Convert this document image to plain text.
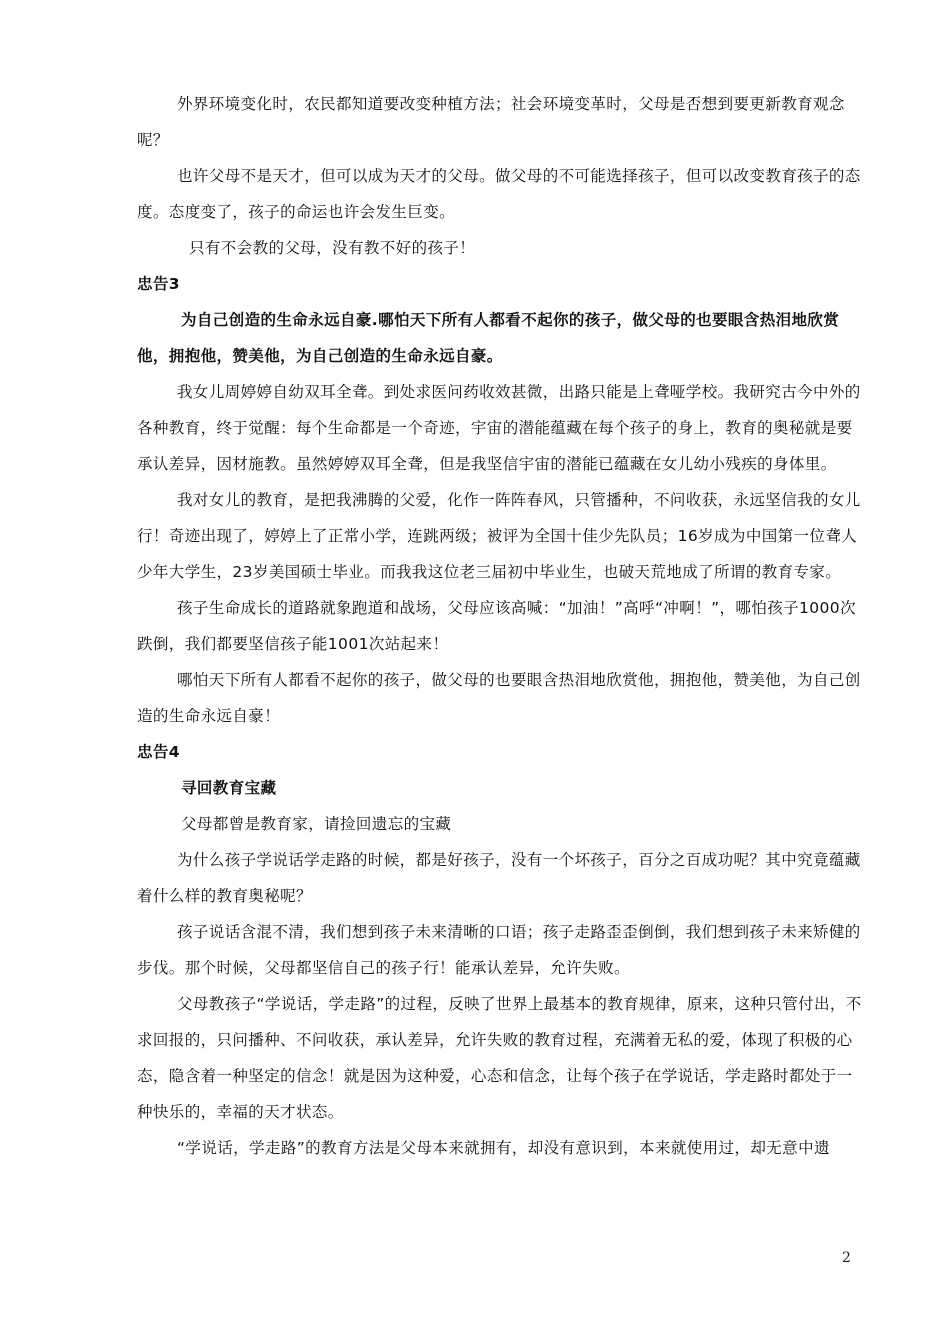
外界环境变化时，农民都知道要改变种植方法；社会环境变革时，父母是否想到要更新教育观念呢？

也许父母不是天才，但可以成为天才的父母。做父母的不可能选择孩子，但可以改变教育孩子的态度。态度变了，孩子的命运也许会发生巨变。

只有不会教的父母，没有教不好的孩子！

忠告3

为自己创造的生命永远自豪.哪怕天下所有人都看不起你的孩子，做父母的也要眼含热泪地欣赏他，拥抱他，赞美他，为自己创造的生命永远自豪。

我女儿周婷婷自幼双耳全聋。到处求医问药收效甚微，出路只能是上聋哑学校。我研究古今中外的各种教育，终于觉醒：每个生命都是一个奇迹，宇宙的潜能蕴藏在每个孩子的身上，教育的奥秘就是要承认差异，因材施教。虽然婷婷双耳全聋，但是我坚信宇宙的潜能已蕴藏在女儿幼小残疾的身体里。

我对女儿的教育，是把我沸腾的父爱，化作一阵阵春风，只管播种，不问收获，永远坚信我的女儿行！奇迹出现了，婷婷上了正常小学，连跳两级；被评为全国十佳少先队员；16岁成为中国第一位聋人少年大学生，23岁美国硕士毕业。而我我这位老三届初中毕业生，也破天荒地成了所谓的教育专家。

孩子生命成长的道路就象跑道和战场，父母应该高喊：“加油！”高呼“冲啊！”，哪怕孩子1000次跌倒，我们都要坚信孩子能1001次站起来！

哪怕天下所有人都看不起你的孩子，做父母的也要眼含热泪地欣赏他，拥抱他，赞美他，为自己创造的生命永远自豪！

忠告4

寻回教育宝藏

父母都曾是教育家，请捡回遗忘的宝藏

为什么孩子学说话学走路的时候，都是好孩子，没有一个坏孩子，百分之百成功呢？其中究竟蕴藏着什么样的教育奥秘呢？

孩子说话含混不清，我们想到孩子未来清晰的口语；孩子走路歪歪倒倒，我们想到孩子未来矫健的步伐。那个时候，父母都坚信自己的孩子行！能承认差异，允许失败。

父母教孩子“学说话，学走路”的过程，反映了世界上最基本的教育规律，原来，这种只管付出，不求回报的，只问播种、不问收获，承认差异，允许失败的教育过程，充满着无私的爱，体现了积极的心态，隐含着一种坚定的信念！就是因为这种爱，心态和信念，让每个孩子在学说话，学走路时都处于一种快乐的，幸福的天才状态。

“学说话，学走路”的教育方法是父母本来就拥有，却没有意识到，本来就使用过，却无意中遗

2
